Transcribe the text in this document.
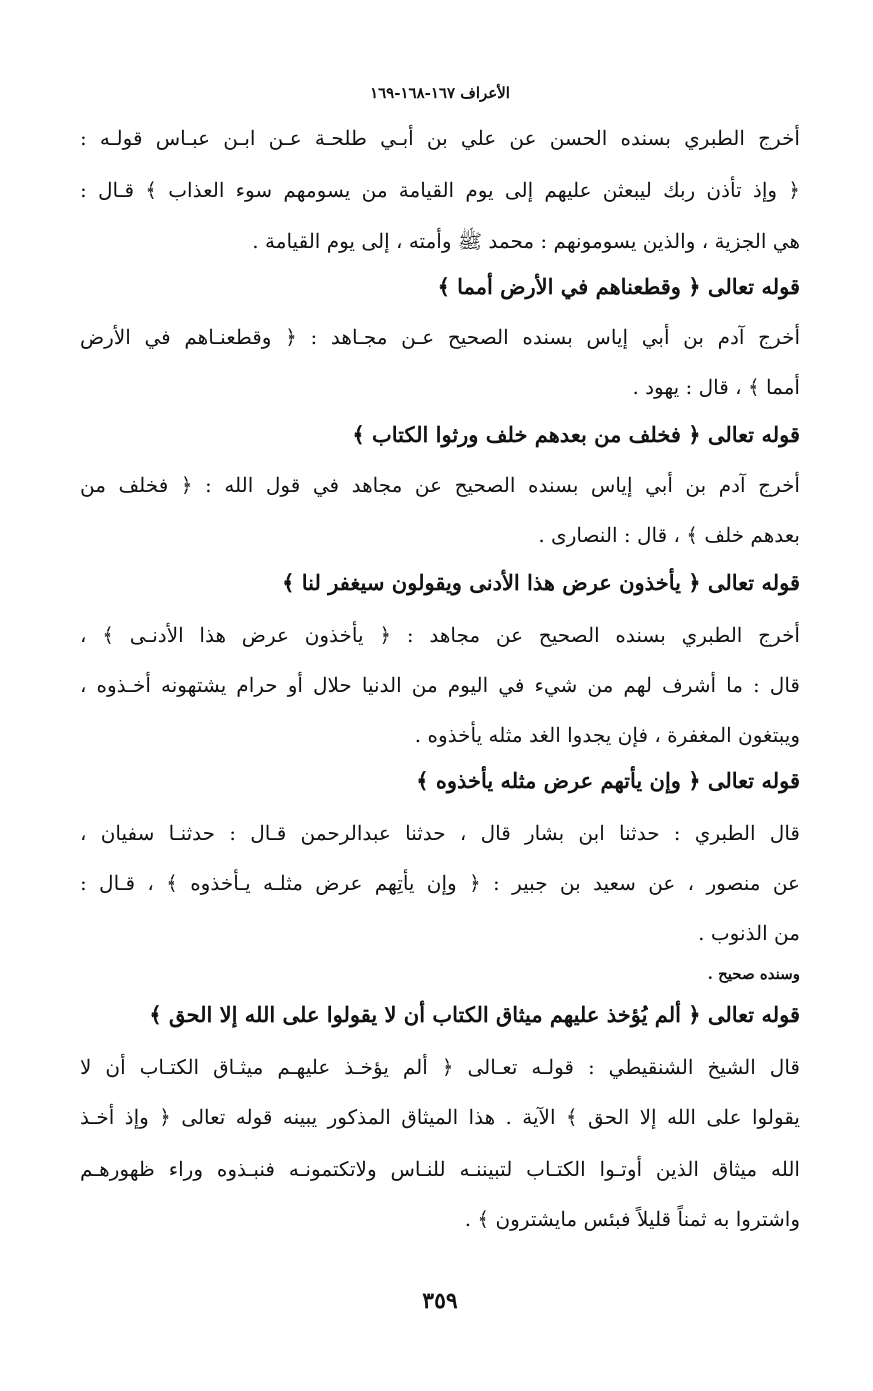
الأعراف ١٦٧-١٦٨-١٦٩
أخرج الطبري بسنده الحسن عن علي بن أبـي طلحـة عـن ابـن عبـاس قولـه :
﴿ وإذ تأذن ربك ليبعثن عليهم إلى يوم القيامة من يسومهم سوء العذاب ﴾ قـال :
هي الجزية ، والذين يسومونهم : محمد ﷺ وأمته ، إلى يوم القيامة .
قوله تعالى ﴿ وقطعناهم في الأرض أمما ﴾
أخرج آدم بن أبي إياس بسنده الصحيح عـن مجـاهد : ﴿ وقطعنـاهم في الأرض
أمما ﴾ ، قال : يهود .
قوله تعالى ﴿ فخلف من بعدهم خلف ورثوا الكتاب ﴾
أخرج آدم بن أبي إياس بسنده الصحيح عن مجاهد في قول الله : ﴿ فخلف من
بعدهم خلف ﴾ ، قال : النصارى .
قوله تعالى ﴿ يأخذون عرض هذا الأدنى ويقولون سيغفر لنا ﴾
أخرج الطبري بسنده الصحيح عن مجاهد : ﴿ يأخذون عرض هذا الأدنـى ﴾ ،
قال : ما أشرف لهم من شيء في اليوم من الدنيا حلال أو حرام يشتهونه أخـذوه ،
ويبتغون المغفرة ، فإن يجدوا الغد مثله يأخذوه .
قوله تعالى ﴿ وإن يأتهم عرض مثله يأخذوه ﴾
قال الطبري : حدثنا ابن بشار قال ، حدثنا عبدالرحمن قـال : حدثنـا سفيان ،
عن منصور ، عن سعيد بن جبير : ﴿ وإن يأتِهم عرض مثلـه يـأخذوه ﴾ ، قـال :
من الذنوب .
وسنده صحيح .
قوله تعالى ﴿ ألم يُؤخذ عليهم ميثاق الكتاب أن لا يقولوا على الله إلا الحق ﴾
قال الشيخ الشنقيطي : قولـه تعـالى ﴿ ألم يؤخـذ عليهـم ميثـاق الكتـاب أن لا
يقولوا على الله إلا الحق ﴾ الآية . هذا الميثاق المذكور يبينه قوله تعالى ﴿ وإذ أخـذ
الله ميثاق الذين أوتـوا الكتـاب لتبيننـه للنـاس ولاتكتمونـه فنبـذوه وراء ظهورهـم
واشتروا به ثمناً قليلاً فبئس مايشترون ﴾ .
٣٥٩
